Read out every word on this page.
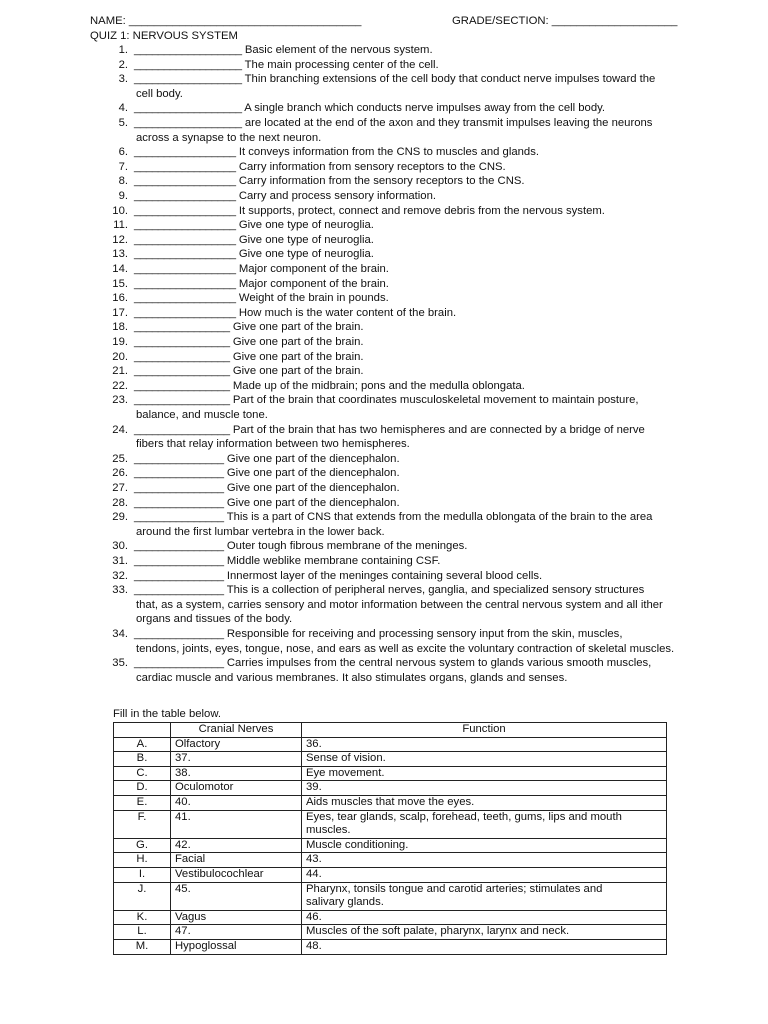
NAME: _____________________________________	GRADE/SECTION: ____________________
QUIZ 1: NERVOUS SYSTEM
1. __________________ Basic element of the nervous system.
2. __________________ The main processing center of the cell.
3. __________________ Thin branching extensions of the cell body that conduct nerve impulses toward the
cell body.
4. __________________ A single branch which conducts nerve impulses away from the cell body.
5. __________________ are located at the end of the axon and they transmit impulses leaving the neurons
across a synapse to the next neuron.
6. _________________ It conveys information from the CNS to muscles and glands.
7. _________________ Carry information from sensory receptors to the CNS.
8. _________________ Carry information from the sensory receptors to the CNS.
9. _________________ Carry and process sensory information.
10. _________________ It supports, protect, connect and remove debris from the nervous system.
11. _________________ Give one type of neuroglia.
12. _________________ Give one type of neuroglia.
13. _________________ Give one type of neuroglia.
14. _________________ Major component of the brain.
15. _________________ Major component of the brain.
16. _________________ Weight of the brain in pounds.
17. _________________ How much is the water content of the brain.
18. ________________ Give one part of the brain.
19. ________________ Give one part of the brain.
20. ________________ Give one part of the brain.
21. ________________ Give one part of the brain.
22. ________________ Made up of the midbrain; pons and the medulla oblongata.
23. ________________ Part of the brain that coordinates musculoskeletal movement to maintain posture,
balance, and muscle tone.
24. ________________ Part of the brain that has two hemispheres and are connected by a bridge of nerve
fibers that relay information between two hemispheres.
25. _______________ Give one part of the diencephalon.
26. _______________ Give one part of the diencephalon.
27. _______________ Give one part of the diencephalon.
28. _______________ Give one part of the diencephalon.
29. _______________ This is a part of CNS that extends from the medulla oblongata of the brain to the area
around the first lumbar vertebra in the lower back.
30. _______________ Outer tough fibrous membrane of the meninges.
31. _______________ Middle weblike membrane containing CSF.
32. _______________ Innermost layer of the meninges containing several blood cells.
33. _______________ This is a collection of peripheral nerves, ganglia, and specialized sensory structures
that, as a system, carries sensory and motor information between the central nervous system and all ither
organs and tissues of the body.
34. _______________ Responsible for receiving and processing sensory input from the skin, muscles,
tendons, joints, eyes, tongue, nose, and ears as well as excite the voluntary contraction of skeletal muscles.
35. _______________ Carries impulses from the central nervous system to glands various smooth muscles,
cardiac muscle and various membranes. It also stimulates organs, glands and senses.
Fill in the table below.
	Cranial Nerves	Function
A.	Olfactory	36.
B.	37.	Sense of vision.
C.	38.	Eye movement.
D.	Oculomotor	39.
E.	40.	Aids muscles that move the eyes.
F.	41.	Eyes, tear glands, scalp, forehead, teeth, gums, lips and mouth
muscles.
G.	42.	Muscle conditioning.
H.	Facial	43.
I.	Vestibulocochlear	44.
J.	45.	Pharynx, tonsils tongue and carotid arteries; stimulates and
salivary glands.
K.	Vagus	46.
L.	47.	Muscles of the soft palate, pharynx, larynx and neck.
M.	Hypoglossal	48.
